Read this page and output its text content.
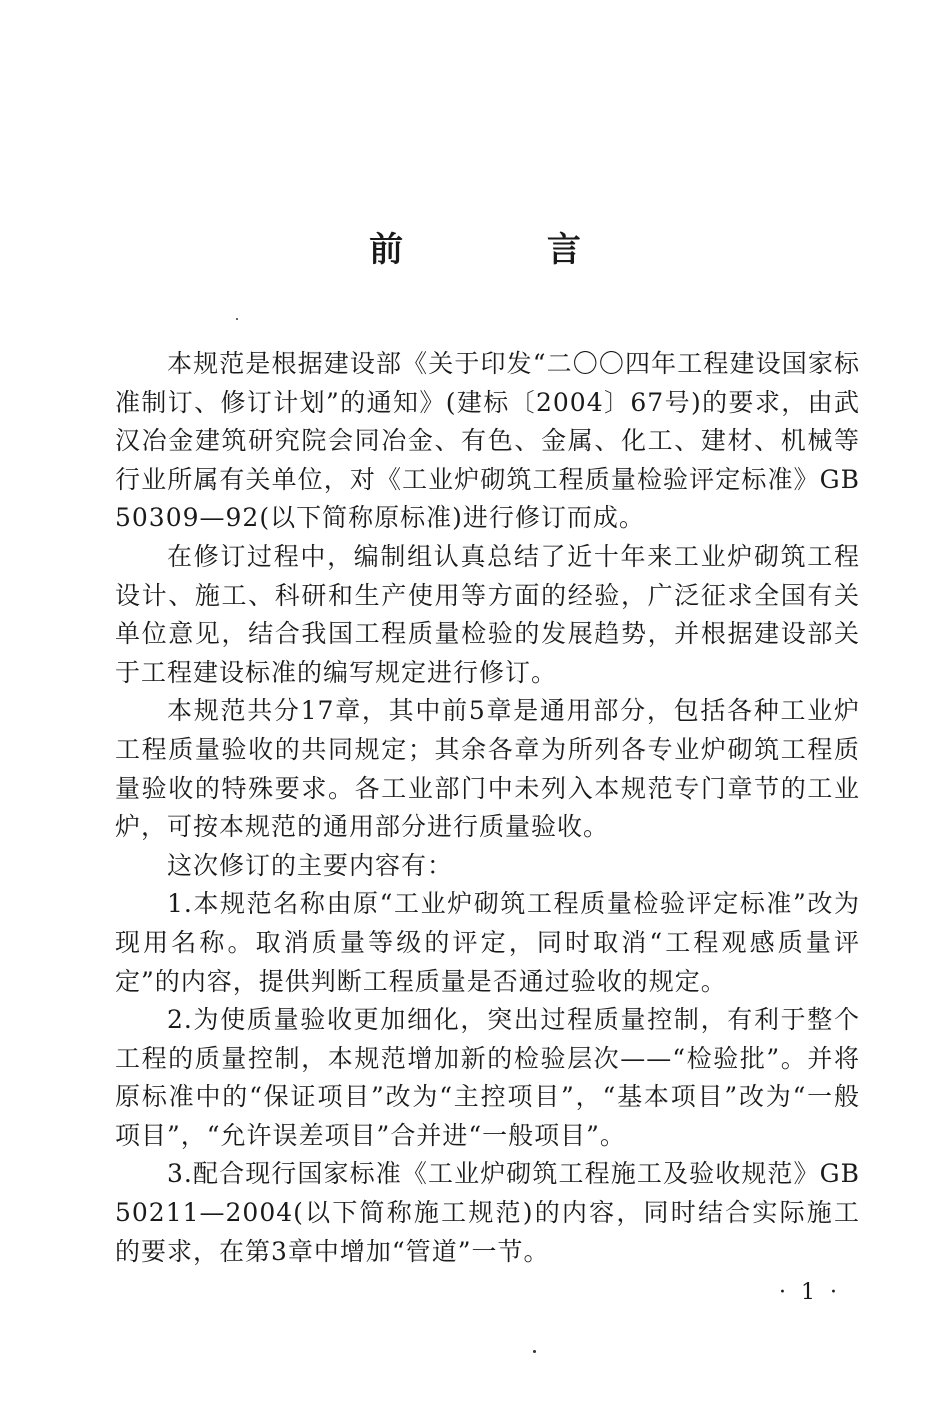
前 言

本规范是根据建设部《关于印发“二〇〇四年工程建设国家标准制订、修订计划”的通知》(建标〔2004〕67号)的要求，由武汉冶金建筑研究院会同冶金、有色、金属、化工、建材、机械等行业所属有关单位，对《工业炉砌筑工程质量检验评定标准》GB 50309—92(以下简称原标准)进行修订而成。

在修订过程中，编制组认真总结了近十年来工业炉砌筑工程设计、施工、科研和生产使用等方面的经验，广泛征求全国有关单位意见，结合我国工程质量检验的发展趋势，并根据建设部关于工程建设标准的编写规定进行修订。

本规范共分17章，其中前5章是通用部分，包括各种工业炉工程质量验收的共同规定；其余各章为所列各专业炉砌筑工程质量验收的特殊要求。各工业部门中未列入本规范专门章节的工业炉，可按本规范的通用部分进行质量验收。

这次修订的主要内容有：

1.本规范名称由原“工业炉砌筑工程质量检验评定标准”改为现用名称。取消质量等级的评定，同时取消“工程观感质量评定”的内容，提供判断工程质量是否通过验收的规定。

2.为使质量验收更加细化，突出过程质量控制，有利于整个工程的质量控制，本规范增加新的检验层次——“检验批”。并将原标准中的“保证项目”改为“主控项目”，“基本项目”改为“一般项目”，“允许误差项目”合并进“一般项目”。

3.配合现行国家标准《工业炉砌筑工程施工及验收规范》GB 50211—2004(以下简称施工规范)的内容，同时结合实际施工的要求，在第3章中增加“管道”一节。

· 1 ·
